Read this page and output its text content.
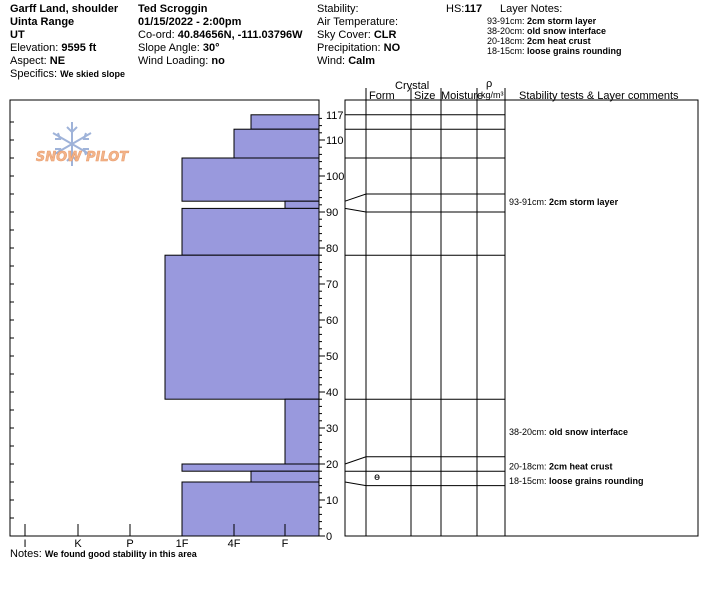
Garff Land, shoulder
Uinta Range
UT
Elevation: 9595 ft
Aspect: NE
Specifics: We skied slope
Ted Scroggin
01/15/2022 - 2:00pm
Co-ord: 40.84656N, -111.03796W
Slope Angle: 30°
Wind Loading: no
Stability:	HS:117
Air Temperature:
Sky Cover: CLR
Precipitation: NO
Wind: Calm
Layer Notes:
93-91cm: 2cm storm layer
38-20cm: old snow interface
20-18cm: 2cm heat crust
18-15cm: loose grains rounding
Crystal
Form Size Moisture
ρ
kg/m³ Stability tests & Layer comments
SNOW PILOT
0
10
20
30
40
50
60
70
80
90
100
110
117
I	K	P	1F	4F	F
ɵ
93-91cm: 2cm storm layer
38-20cm: old snow interface
20-18cm: 2cm heat crust
18-15cm: loose grains rounding
Notes: We found good stability in this area
